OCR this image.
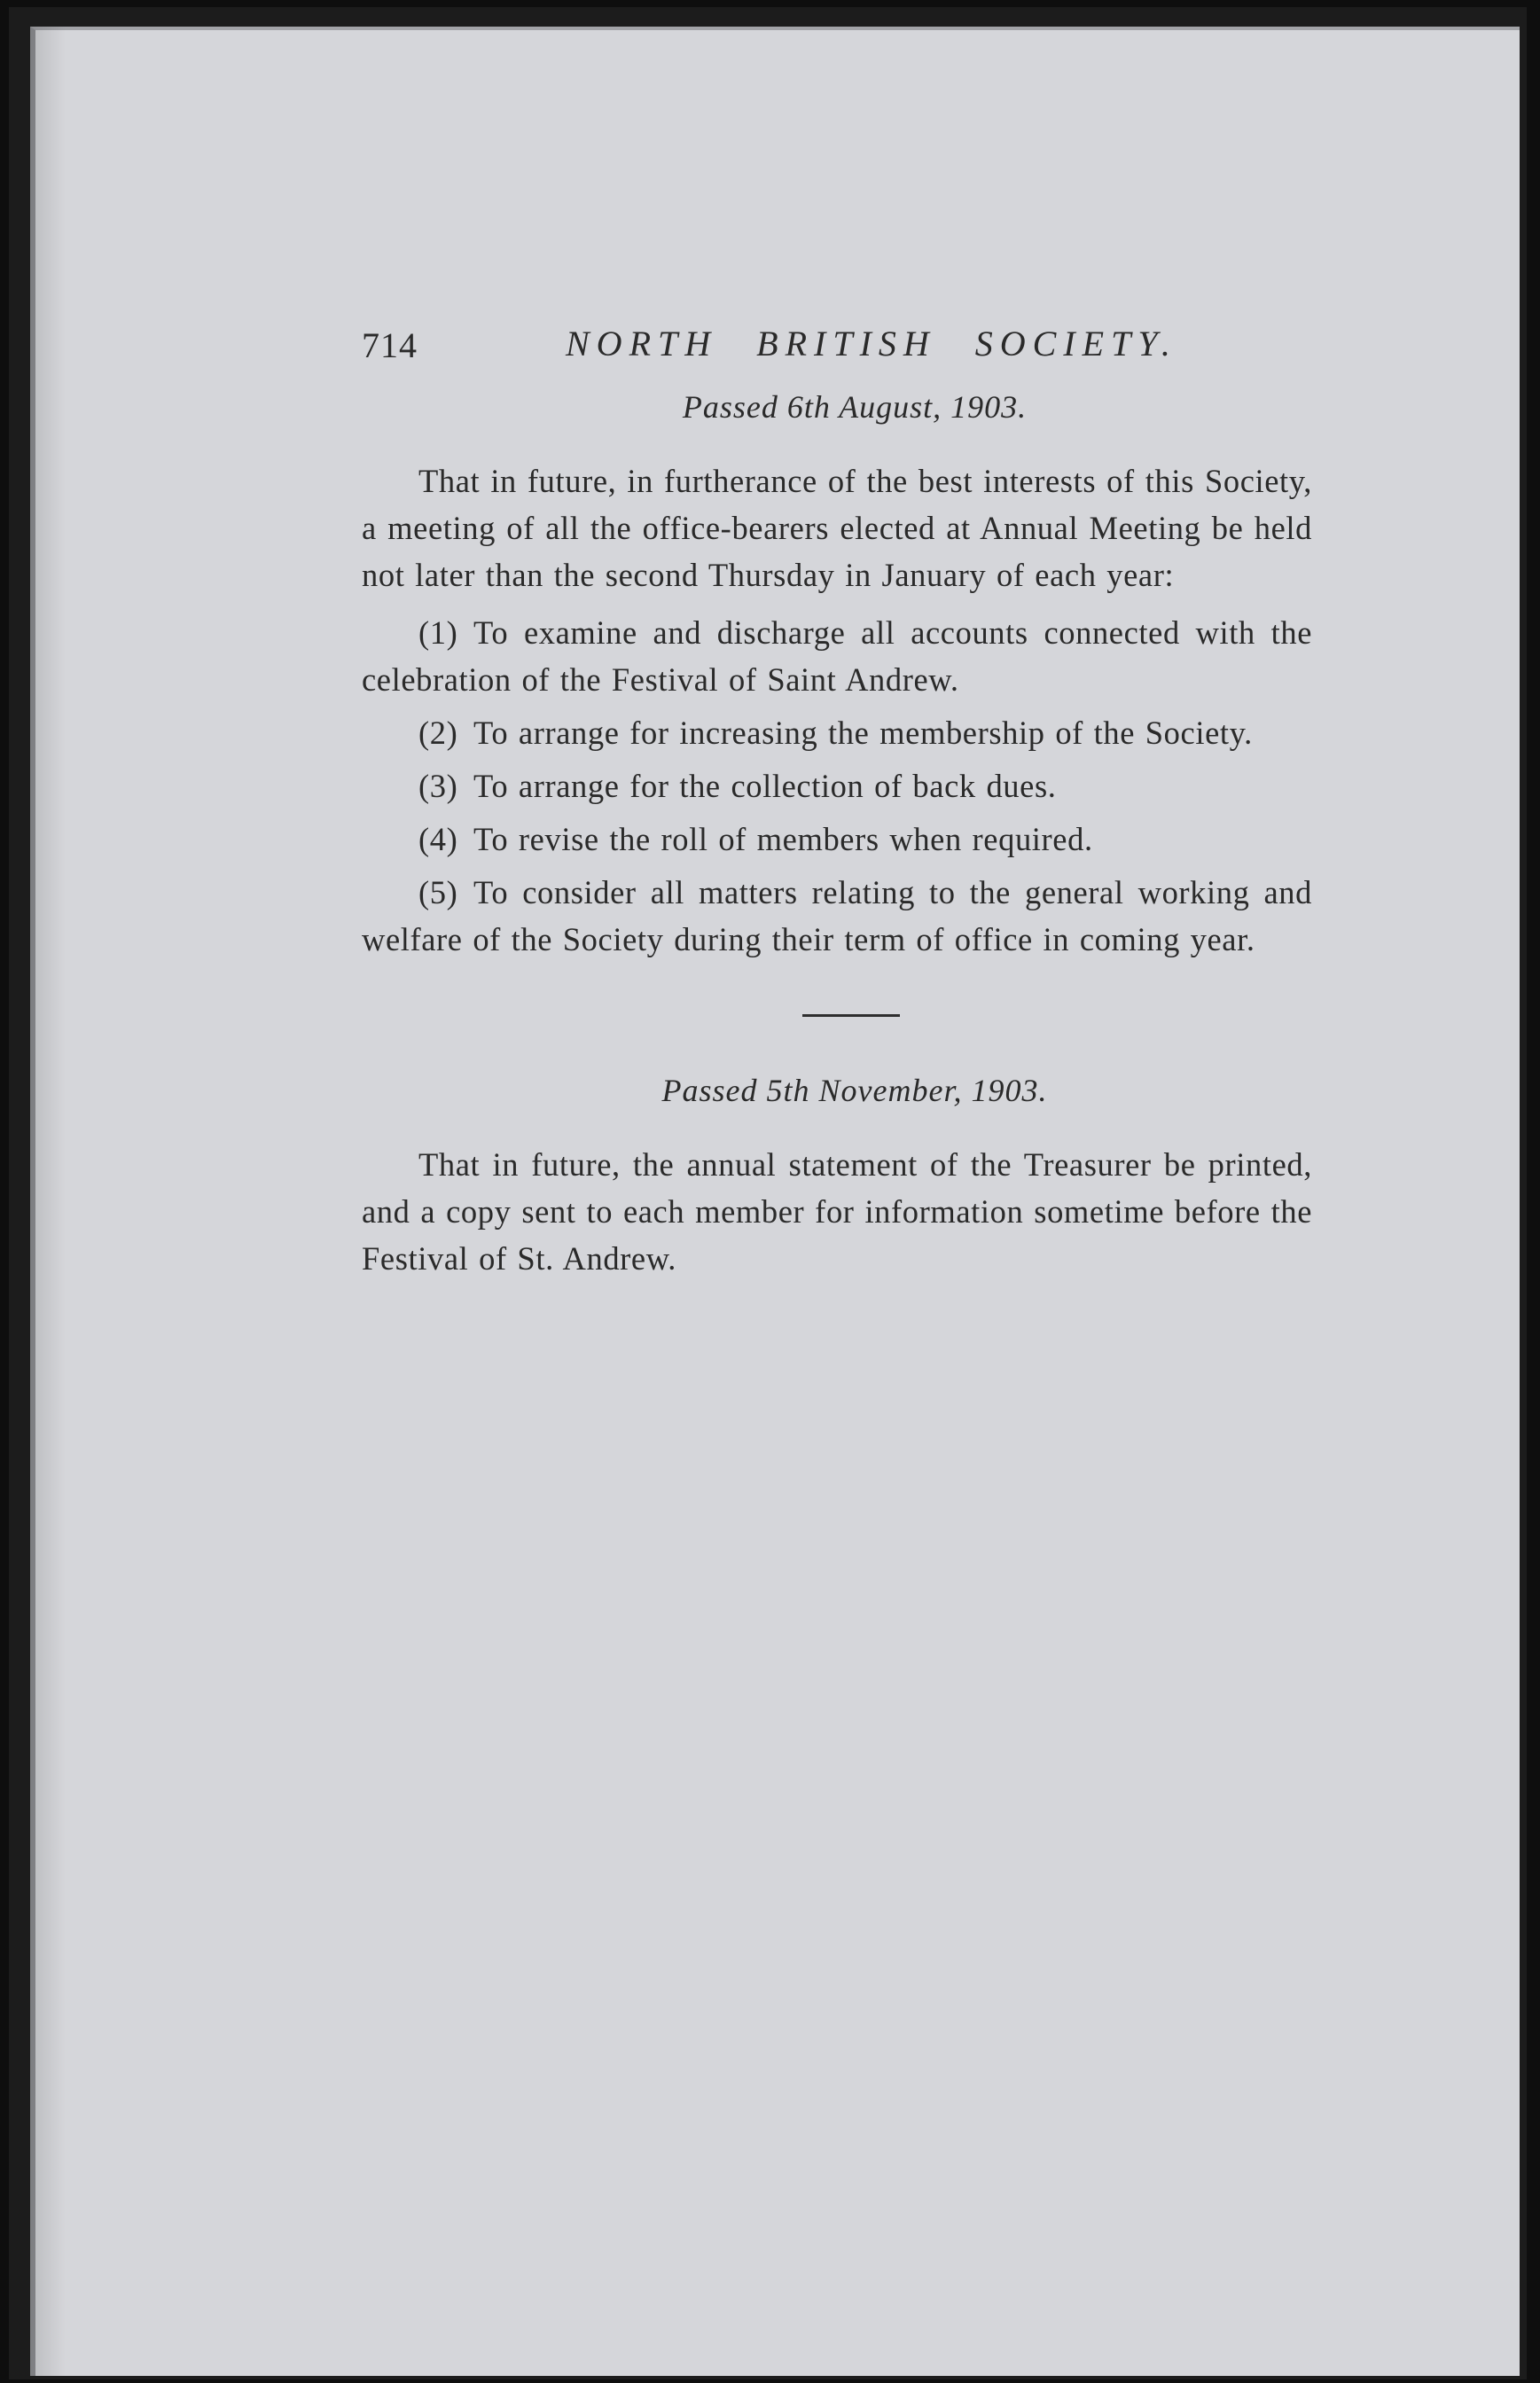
714	NORTH BRITISH SOCIETY.
Passed 6th August, 1903.

That in future, in furtherance of the best interests of this Society, a meeting of all the office-bearers elected at Annual Meeting be held not later than the second Thursday in January of each year:

(1) To examine and discharge all accounts connected with the celebration of the Festival of Saint Andrew.

(2) To arrange for increasing the membership of the Society.

(3) To arrange for the collection of back dues.

(4) To revise the roll of members when required.

(5) To consider all matters relating to the general working and welfare of the Society during their term of office in coming year.

Passed 5th November, 1903.

That in future, the annual statement of the Treasurer be printed, and a copy sent to each member for information sometime before the Festival of St. Andrew.
